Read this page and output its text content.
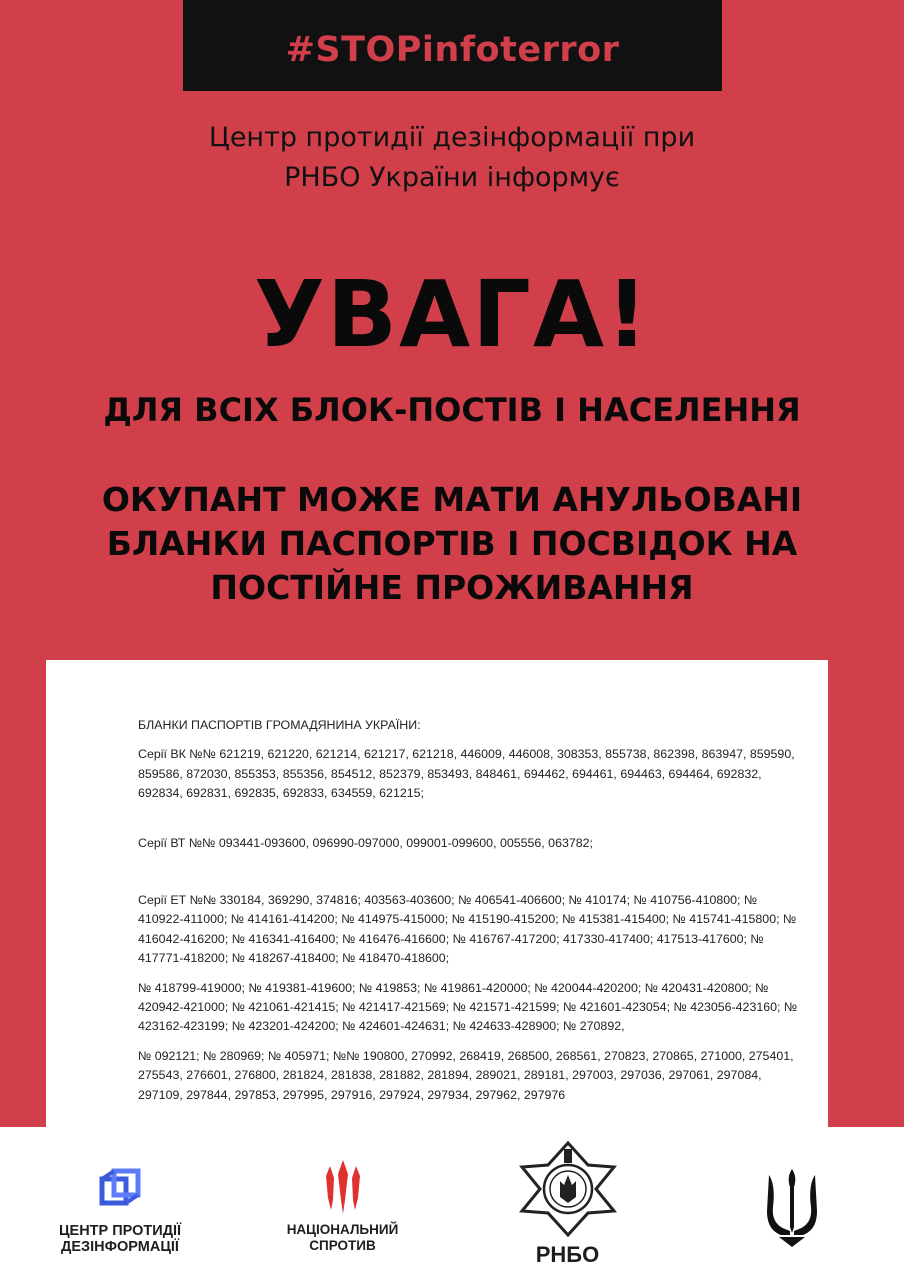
#STOPinfoterror
Центр протидії дезінформації при
РНБО України інформує
УВАГА!
ДЛЯ ВСІХ БЛОК-ПОСТІВ І НАСЕЛЕННЯ
ОКУПАНТ МОЖЕ МАТИ АНУЛЬОВАНІ
БЛАНКИ ПАСПОРТІВ І ПОСВІДОК НА
ПОСТІЙНЕ ПРОЖИВАННЯ

БЛАНКИ ПАСПОРТІВ ГРОМАДЯНИНА УКРАЇНИ:

Серії ВК №№ 621219, 621220, 621214, 621217, 621218, 446009, 446008, 308353, 855738, 862398, 863947, 859590, 859586, 872030, 855353, 855356, 854512, 852379, 853493, 848461, 694462, 694461, 694463, 694464, 692832, 692834, 692831, 692835, 692833, 634559, 621215;

Серії ВТ №№ 093441-093600, 096990-097000, 099001-099600, 005556, 063782;

Серії ЕТ №№ 330184, 369290, 374816; 403563-403600; № 406541-406600; № 410174; № 410756-410800; № 410922-411000; № 414161-414200; № 414975-415000; № 415190-415200; № 415381-415400; № 415741-415800; № 416042-416200; № 416341-416400; № 416476-416600; № 416767-417200; 417330-417400; 417513-417600; № 417771-418200; № 418267-418400; № 418470-418600;

№ 418799-419000; № 419381-419600; № 419853; № 419861-420000; № 420044-420200; № 420431-420800; № 420942-421000; № 421061-421415; № 421417-421569; № 421571-421599; № 421601-423054; № 423056-423160; № 423162-423199; № 423201-424200; № 424601-424631; № 424633-428900; № 270892,

№ 092121; № 280969; № 405971; №№ 190800, 270992, 268419, 268500, 268561, 270823, 270865, 271000, 275401, 275543, 276601, 276800, 281824, 281838, 281882, 281894, 289021, 289181, 297003, 297036, 297061, 297084, 297109, 297844, 297853, 297995, 297916, 297924, 297934, 297962, 297976

ЦЕНТР ПРОТИДІЇ
ДЕЗІНФОРМАЦІЇ
НАЦІОНАЛЬНИЙ
СПРОТИВ	РНБО
